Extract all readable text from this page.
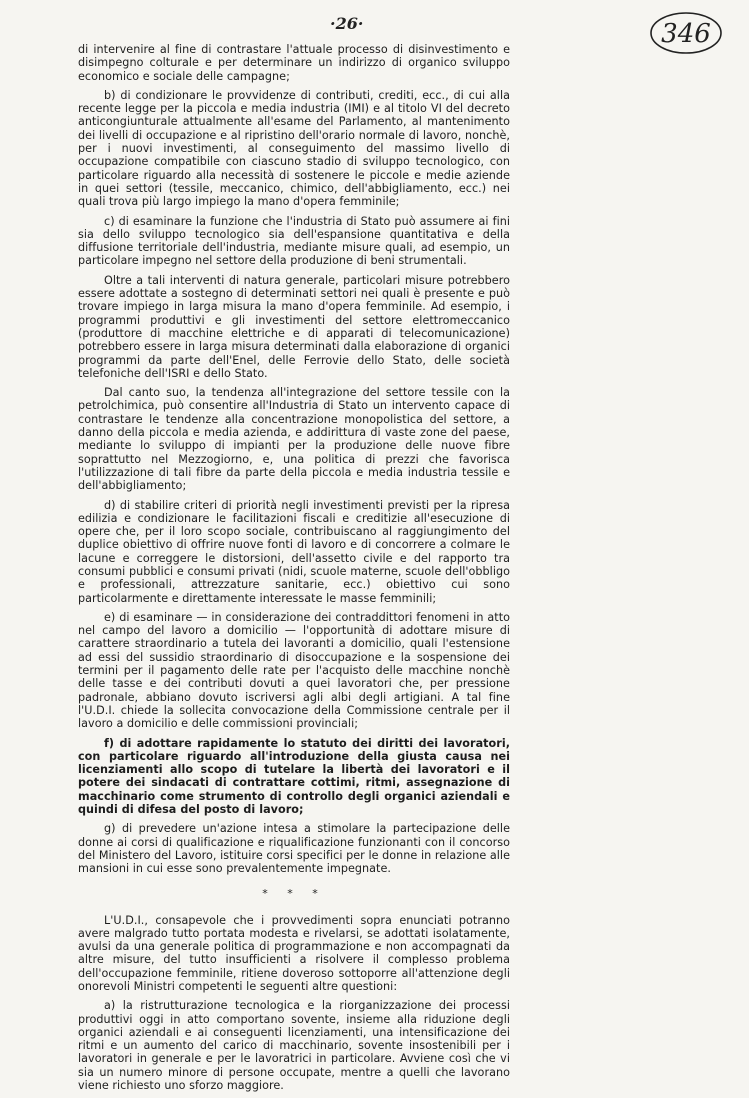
·26·	346

di intervenire al fine di contrastare l'attuale processo di disinvestimento e disimpegno colturale e per determinare un indirizzo di organico sviluppo economico e sociale delle campagne;

b) di condizionare le provvidenze di contributi, crediti, ecc., di cui alla recente legge per la piccola e media industria (IMI) e al titolo VI del decreto anticongiunturale attualmente all'esame del Parlamento, al mantenimento dei livelli di occupazione e al ripristino dell'orario normale di lavoro, nonchè, per i nuovi investimenti, al conseguimento del massimo livello di occupazione compatibile con ciascuno stadio di sviluppo tecnologico, con particolare riguardo alla necessità di sostenere le piccole e medie aziende in quei settori (tessile, meccanico, chimico, dell'abbigliamento, ecc.) nei quali trova più largo impiego la mano d'opera femminile;

c) di esaminare la funzione che l'industria di Stato può assumere ai fini sia dello sviluppo tecnologico sia dell'espansione quantitativa e della diffusione territoriale dell'industria, mediante misure quali, ad esempio, un particolare impegno nel settore della produzione di beni strumentali.

Oltre a tali interventi di natura generale, particolari misure potrebbero essere adottate a sostegno di determinati settori nei quali è presente e può trovare impiego in larga misura la mano d'opera femminile. Ad esempio, i programmi produttivi e gli investimenti del settore elettromeccanico (produttore di macchine elettriche e di apparati di telecomunicazione) potrebbero essere in larga misura determinati dalla elaborazione di organici programmi da parte dell'Enel, delle Ferrovie dello Stato, delle società telefoniche dell'ISRI e dello Stato.

Dal canto suo, la tendenza all'integrazione del settore tessile con la petrolchimica, può consentire all'Industria di Stato un intervento capace di contrastare le tendenze alla concentrazione monopolistica del settore, a danno della piccola e media azienda, e addirittura di vaste zone del paese, mediante lo sviluppo di impianti per la produzione delle nuove fibre soprattutto nel Mezzogiorno, e, una politica di prezzi che favorisca l'utilizzazione di tali fibre da parte della piccola e media industria tessile e dell'abbigliamento;

d) di stabilire criteri di priorità negli investimenti previsti per la ripresa edilizia e condizionare le facilitazioni fiscali e creditizie all'esecuzione di opere che, per il loro scopo sociale, contribuiscano al raggiungimento del duplice obiettivo di offrire nuove fonti di lavoro e di concorrere a colmare le lacune e correggere le distorsioni, dell'assetto civile e del rapporto tra consumi pubblici e consumi privati (nidi, scuole materne, scuole dell'obbligo e professionali, attrezzature sanitarie, ecc.) obiettivo cui sono particolarmente e direttamente interessate le masse femminili;

e) di esaminare — in considerazione dei contraddittori fenomeni in atto nel campo del lavoro a domicilio — l'opportunità di adottare misure di carattere straordinario a tutela dei lavoranti a domicilio, quali l'estensione ad essi del sussidio straordinario di disoccupazione e la sospensione dei termini per il pagamento delle rate per l'acquisto delle macchine nonchè delle tasse e dei contributi dovuti a quei lavoratori che, per pressione padronale, abbiano dovuto iscriversi agli albi degli artigiani. A tal fine l'U.D.I. chiede la sollecita convocazione della Commissione centrale per il lavoro a domicilio e delle commissioni provinciali;

f) di adottare rapidamente lo statuto dei diritti dei lavoratori, con particolare riguardo all'introduzione della giusta causa nei licenziamenti allo scopo di tutelare la libertà dei lavoratori e il potere dei sindacati di contrattare cottimi, ritmi, assegnazione di macchinario come strumento di controllo degli organici aziendali e quindi di difesa del posto di lavoro;

g) di prevedere un'azione intesa a stimolare la partecipazione delle donne ai corsi di qualificazione e riqualificazione funzionanti con il concorso del Ministero del Lavoro, istituire corsi specifici per le donne in relazione alle mansioni in cui esse sono prevalentemente impegnate.

* * *

L'U.D.I., consapevole che i provvedimenti sopra enunciati potranno avere malgrado tutto portata modesta e rivelarsi, se adottati isolatamente, avulsi da una generale politica di programmazione e non accompagnati da altre misure, del tutto insufficienti a risolvere il complesso problema dell'occupazione femminile, ritiene doveroso sottoporre all'attenzione degli onorevoli Ministri competenti le seguenti altre questioni:

a) la ristrutturazione tecnologica e la riorganizzazione dei processi produttivi oggi in atto comportano sovente, insieme alla riduzione degli organici aziendali e ai conseguenti licenziamenti, una intensificazione dei ritmi e un aumento del carico di macchinario, sovente insostenibili per i lavoratori in generale e per le lavoratrici in particolare. Avviene così che vi sia un numero minore di persone occupate, mentre a quelli che lavorano viene richiesto uno sforzo maggiore.
